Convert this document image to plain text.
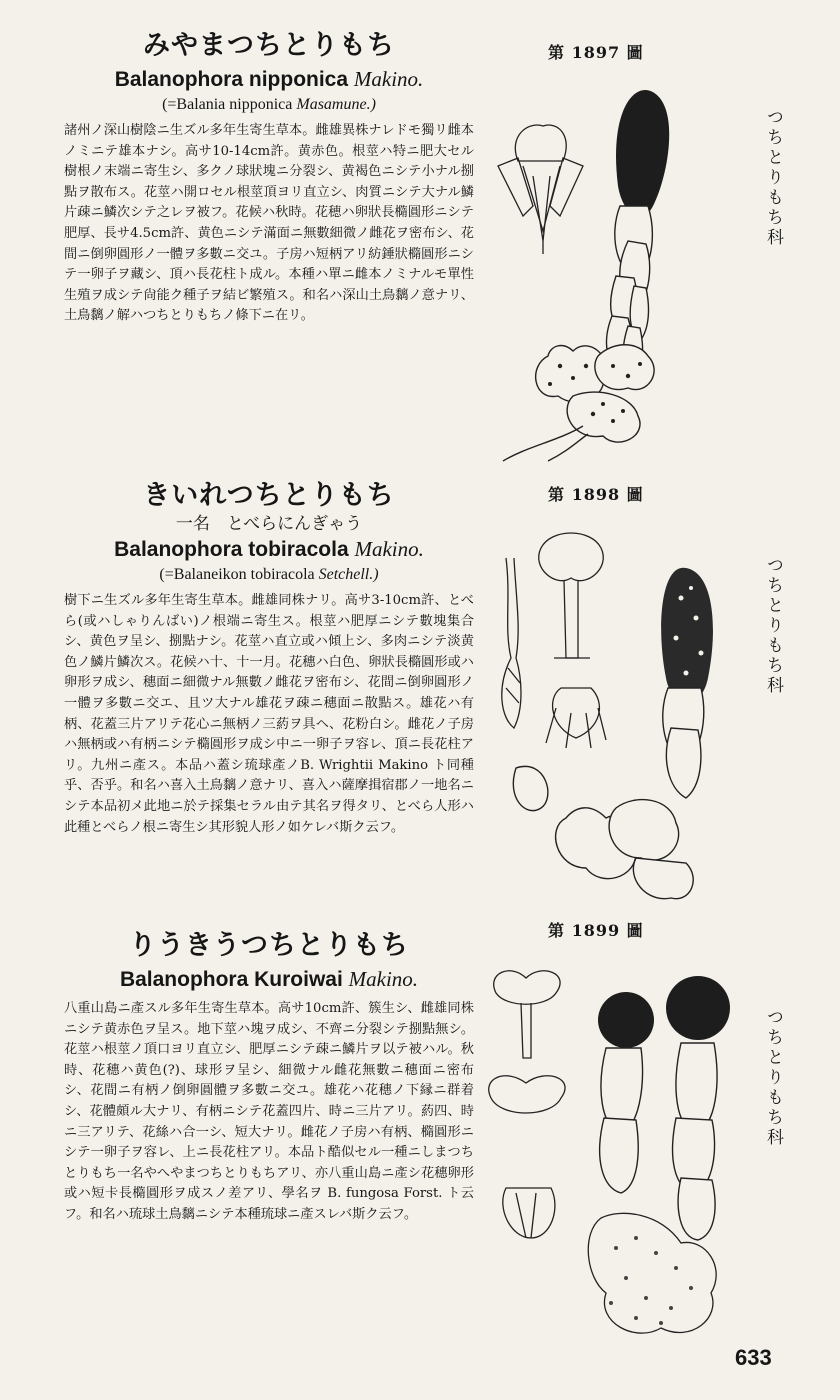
みやまつちとりもち

Balanophora nipponica Makino.

(=Balania nipponica Masamune.)

諸州ノ深山樹陰ニ生ズル多年生寄生草本。雌雄異株ナレドモ獨リ雌本ノミニテ雄本ナシ。高サ10-14cm許。黄赤色。根莖ハ特ニ肥大セル樹根ノ末端ニ寄生シ、多クノ球狀塊ニ分裂シ、黄褐色ニシテ小ナル捌點ヲ散布ス。花莖ハ開ロセル根莖頂ヨリ直立シ、肉質ニシテ大ナル鱗片疎ニ鱗次シテ之レヲ被フ。花候ハ秋時。花穂ハ卵狀長橢圓形ニシテ肥厚、長サ4.5cm許、黄色ニシテ滿面ニ無數細微ノ雌花ヲ密布シ、花間ニ倒卵圓形ノ一體ヲ多數ニ交ユ。子房ハ短柄アリ紡錘狀橢圓形ニシテ一卵子ヲ藏シ、頂ハ長花柱ト成ル。本種ハ單ニ雌本ノミナルモ單性生殖ヲ成シテ尙能ク種子ヲ結ビ繁殖ス。和名ハ深山土鳥黐ノ意ナリ、土鳥黐ノ解ハつちとりもちノ條下ニ在リ。

第 1897 圖
つちとりもち科
きいれつちとりもち

一名　とべらにんぎゃう

Balanophora tobiracola Makino.

(=Balaneikon tobiracola Setchell.)

樹下ニ生ズル多年生寄生草本。雌雄同株ナリ。高サ3-10cm許、とべら(或ハしゃりんばい)ノ根端ニ寄生ス。根莖ハ肥厚ニシテ數塊集合シ、黄色ヲ呈シ、捌點ナシ。花莖ハ直立或ハ傾上シ、多肉ニシテ淡黄色ノ鱗片鱗次ス。花候ハ十、十一月。花穗ハ白色、卵狀長橢圓形或ハ卵形ヲ成シ、穗面ニ細微ナル無數ノ雌花ヲ密布シ、花間ニ倒卵圓形ノ一體ヲ多數ニ交エ、且ツ大ナル雄花ヲ疎ニ穗面ニ散點ス。雄花ハ有柄、花蓋三片アリテ花心ニ無柄ノ三葯ヲ具ヘ、花粉白シ。雌花ノ子房ハ無柄或ハ有柄ニシテ橢圓形ヲ成シ中ニ一卵子ヲ容レ、頂ニ長花柱アリ。九州ニ產ス。本品ハ蓋シ琉球產ノB. Wrightii Makino ト同種乎、否乎。和名ハ喜入土鳥黐ノ意ナリ、喜入ハ薩摩揖宿郡ノ一地名ニシテ本品初メ此地ニ於テ採集セラル由テ其名ヲ得タリ、とべら人形ハ此種とべらノ根ニ寄生シ其形貌人形ノ如ケレバ斯ク云フ。

第 1898 圖
つちとりもち科
りうきうつちとりもち

Balanophora Kuroiwai Makino.

八重山島ニ產スル多年生寄生草本。高サ10cm許、簇生シ、雌雄同株ニシテ黄赤色ヲ呈ス。地下莖ハ塊ヲ成シ、不齊ニ分裂シテ捌點無シ。花莖ハ根莖ノ頂口ヨリ直立シ、肥厚ニシテ疎ニ鱗片ヲ以テ被ハル。秋時、花穗ハ黄色(?)、球形ヲ呈シ、細微ナル雌花無數ニ穗面ニ密布シ、花間ニ有柄ノ倒卵圓體ヲ多數ニ交ユ。雄花ハ花穗ノ下縁ニ群着シ、花體頗ル大ナリ、有柄ニシテ花蓋四片、時ニ三片アリ。葯四、時ニ三アリテ、花絲ハ合一シ、短大ナリ。雌花ノ子房ハ有柄、橢圓形ニシテ一卵子ヲ容レ、上ニ長花柱アリ。本品ト酷似セル一種ニしまつちとりもち一名やへやまつちとりもちアリ、亦八重山島ニ產シ花穗卵形或ハ短卡長橢圓形ヲ成スノ差アリ、學名ヲ B. fungosa Forst. ト云フ。和名ハ琉球土鳥黐ニシテ本種琉球ニ產スレバ斯ク云フ。

第 1899 圖
つちとりもち科
633
